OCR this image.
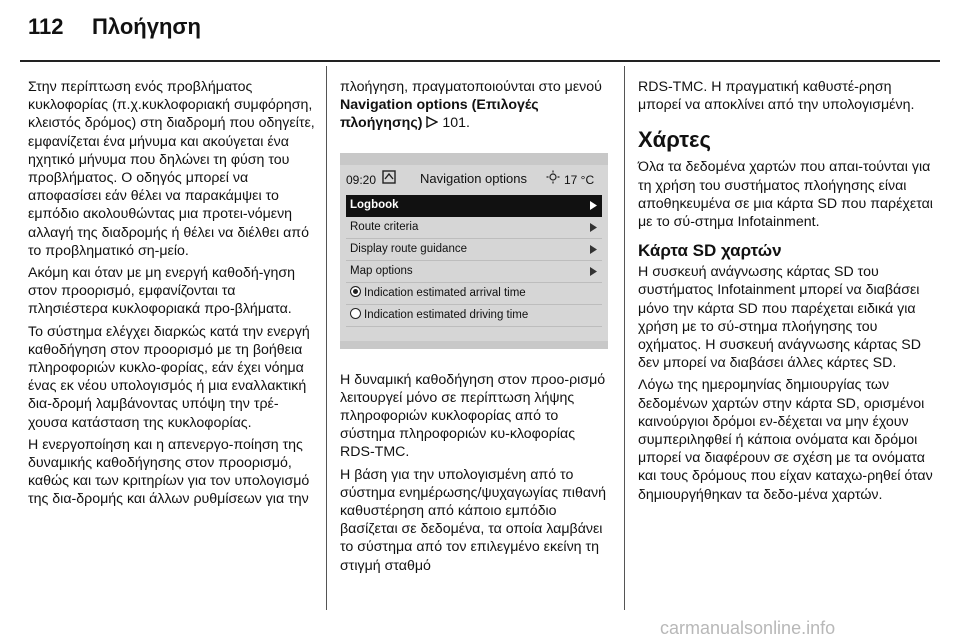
112 Πλοήγηση

Στην περίπτωση ενός προβλήματος κυκλοφορίας (π.χ.κυκλοφοριακή συμφόρηση, κλειστός δρόμος) στη διαδρομή που οδηγείτε, εμφανίζεται ένα μήνυμα και ακούγεται ένα ηχητικό μήνυμα που δηλώνει τη φύση του προβλήματος. Ο οδηγός μπορεί να αποφασίσει εάν θέλει να παρακάμψει το εμπόδιο ακολουθώντας μια προτει-νόμενη αλλαγή της διαδρομής ή θέλει να διέλθει από το προβληματικό ση-μείο.

Ακόμη και όταν με μη ενεργή καθοδή-γηση στον προορισμό, εμφανίζονται τα πλησιέστερα κυκλοφοριακά προ-βλήματα.

Το σύστημα ελέγχει διαρκώς κατά την ενεργή καθοδήγηση στον προορισμό με τη βοήθεια πληροφοριών κυκλο-φορίας, εάν έχει νόημα ένας εκ νέου υπολογισμός ή μια εναλλακτική δια-δρομή λαμβάνοντας υπόψη την τρέ-χουσα κατάσταση της κυκλοφορίας.

Η ενεργοποίηση και η απενεργο-ποίηση της δυναμικής καθοδήγησης στον προορισμό, καθώς και των κριτηρίων για τον υπολογισμό της δια-δρομής και άλλων ρυθμίσεων για την

πλοήγηση, πραγματοποιούνται στο μενού Navigation options (Επιλογές πλοήγησης) 101.

09:20	Navigation options	17 °C
Logbook
Route criteria
Display route guidance
Map options
Indication estimated arrival time
Indication estimated driving time

Η δυναμική καθοδήγηση στον προο-ρισμό λειτουργεί μόνο σε περίπτωση λήψης πληροφοριών κυκλοφορίας από το σύστημα πληροφοριών κυ-κλοφορίας RDS-TMC.

Η βάση για την υπολογισμένη από το σύστημα ενημέρωσης/ψυχαγωγίας πιθανή καθυστέρηση από κάποιο εμπόδιο βασίζεται σε δεδομένα, τα οποία λαμβάνει το σύστημα από τον επιλεγμένο εκείνη τη στιγμή σταθμό

RDS-TMC. Η πραγματική καθυστέ-ρηση μπορεί να αποκλίνει από την υπολογισμένη.

Χάρτες

Όλα τα δεδομένα χαρτών που απαι-τούνται για τη χρήση του συστήματος πλοήγησης είναι αποθηκευμένα σε μια κάρτα SD που παρέχεται με το σύ-στημα Infotainment.

Κάρτα SD χαρτών

Η συσκευή ανάγνωσης κάρτας SD του συστήματος Infotainment μπορεί να διαβάσει μόνο την κάρτα SD που παρέχεται ειδικά για χρήση με το σύ-στημα πλοήγησης του οχήματος. Η συσκευή ανάγνωσης κάρτας SD δεν μπορεί να διαβάσει άλλες κάρτες SD.

Λόγω της ημερομηνίας δημιουργίας των δεδομένων χαρτών στην κάρτα SD, ορισμένοι καινούργιοι δρόμοι εν-δέχεται να μην έχουν συμπεριληφθεί ή κάποια ονόματα και δρόμοι μπορεί να διαφέρουν σε σχέση με τα ονόματα και τους δρόμους που είχαν καταχω-ρηθεί όταν δημιουργήθηκαν τα δεδο-μένα χαρτών.

carmanualsonline.info
